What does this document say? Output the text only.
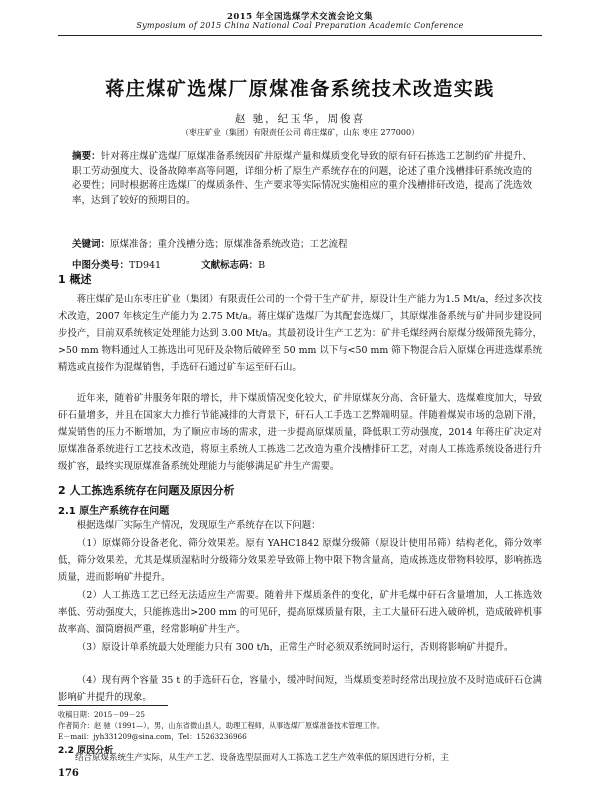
2015 年全国选煤学术交流会论文集
Symposium of 2015 China National Coal Preparation Academic Conference
蒋庄煤矿选煤厂原煤准备系统技术改造实践
赵 驰，纪玉华，周俊喜
（枣庄矿业（集团）有限责任公司 蒋庄煤矿，山东 枣庄 277000）
摘要：针对蒋庄煤矿选煤厂原煤准备系统因矿井原煤产量和煤质变化导致的原有矸石拣选工艺制约矿井提升、职工劳动强度大、设备故障率高等问题，详细分析了原生产系统存在的问题，论述了重介浅槽排矸系统改造的必要性；同时根据蒋庄选煤厂的煤质条件、生产要求等实际情况实施相应的重介浅槽排矸改造，提高了洗选效率，达到了较好的预期目的。
关键词：原煤准备；重介浅槽分选；原煤准备系统改造；工艺流程
中图分类号：TD941	文献标志码：B
1 概述
蒋庄煤矿是山东枣庄矿业（集团）有限责任公司的一个骨干生产矿井，原设计生产能力为1.5 Mt/a，经过多次技术改造，2007 年核定生产能力为 2.75 Mt/a。蒋庄煤矿选煤厂为其配套选煤厂，其原煤准备系统与矿井同步建设同步投产，目前双系统核定处理能力达到 3.00 Mt/a。其最初设计生产工艺为：矿井毛煤经两台原煤分级筛预先筛分，>50 mm 物料通过人工拣选出可见矸及杂物后破碎至 50 mm 以下与<50 mm 筛下物混合后入原煤仓再进选煤系统精选或直接作为混煤销售，手选矸石通过矿车运至矸石山。
近年来，随着矿井服务年限的增长，井下煤质情况变化较大，矿井原煤灰分高、含矸量大、选煤难度加大，导致矸石量增多，并且在国家大力推行节能减排的大背景下，矸石人工手选工艺弊端明显。伴随着煤炭市场的急剧下滑，煤炭销售的压力不断增加，为了顺应市场的需求，进一步提高原煤质量，降低职工劳动强度，2014 年蒋庄矿决定对原煤准备系统进行工艺技术改造，将原主系统人工拣选二艺改造为重介浅槽排矸工艺，对南人工拣选系统设备进行升级扩容，最终实现原煤准备系统处理能力与能够满足矿井生产需要。
2 人工拣选系统存在问题及原因分析
2.1 原生产系统存在问题
根据选煤厂实际生产情况，发现原生产系统存在以下问题：
（1）原煤筛分设备老化、筛分效果差。原有 YAHC1842 原煤分级筛（原设计使用吊筛）结构老化，筛分效率低，筛分效果差，尤其是煤质湿粘时分级筛分效果差导致筛上物中限下物含量高，造成拣选皮带物料较厚，影响拣选质量，进而影响矿井提升。
（2）人工拣选工艺已经无法适应生产需要。随着井下煤质条件的变化，矿井毛煤中矸石含量增加，人工拣选效率低、劳动强度大，只能拣选出>200 mm 的可见矸，提高原煤质量有限，主工大量矸石进入破碎机，造成破碎机事故率高、溜筒磨损严重，经常影响矿井生产。
（3）原设计单系统最大处理能力只有 300 t/h，正常生产时必须双系统同时运行，否则将影响矿井提升。
（4）现有两个容量 35 t 的手选矸石仓，容量小，缓冲时间短，当煤质变差时经常出现拉放不及时造成矸石仓满影响矿井提升的现象。
收稿日期：2015－09－25
作者简介：赵 驰（1991—），男，山东省微山县人，助理工程师，从事选煤厂原煤准备技术管理工作。
E－mail：jyh331209@sina.com，Tel：15263236966
2.2 原因分析
结合原煤系统生产实际，从生产工艺、设备选型层面对人工拣选工艺生产效率低的原因进行分析，主
176
